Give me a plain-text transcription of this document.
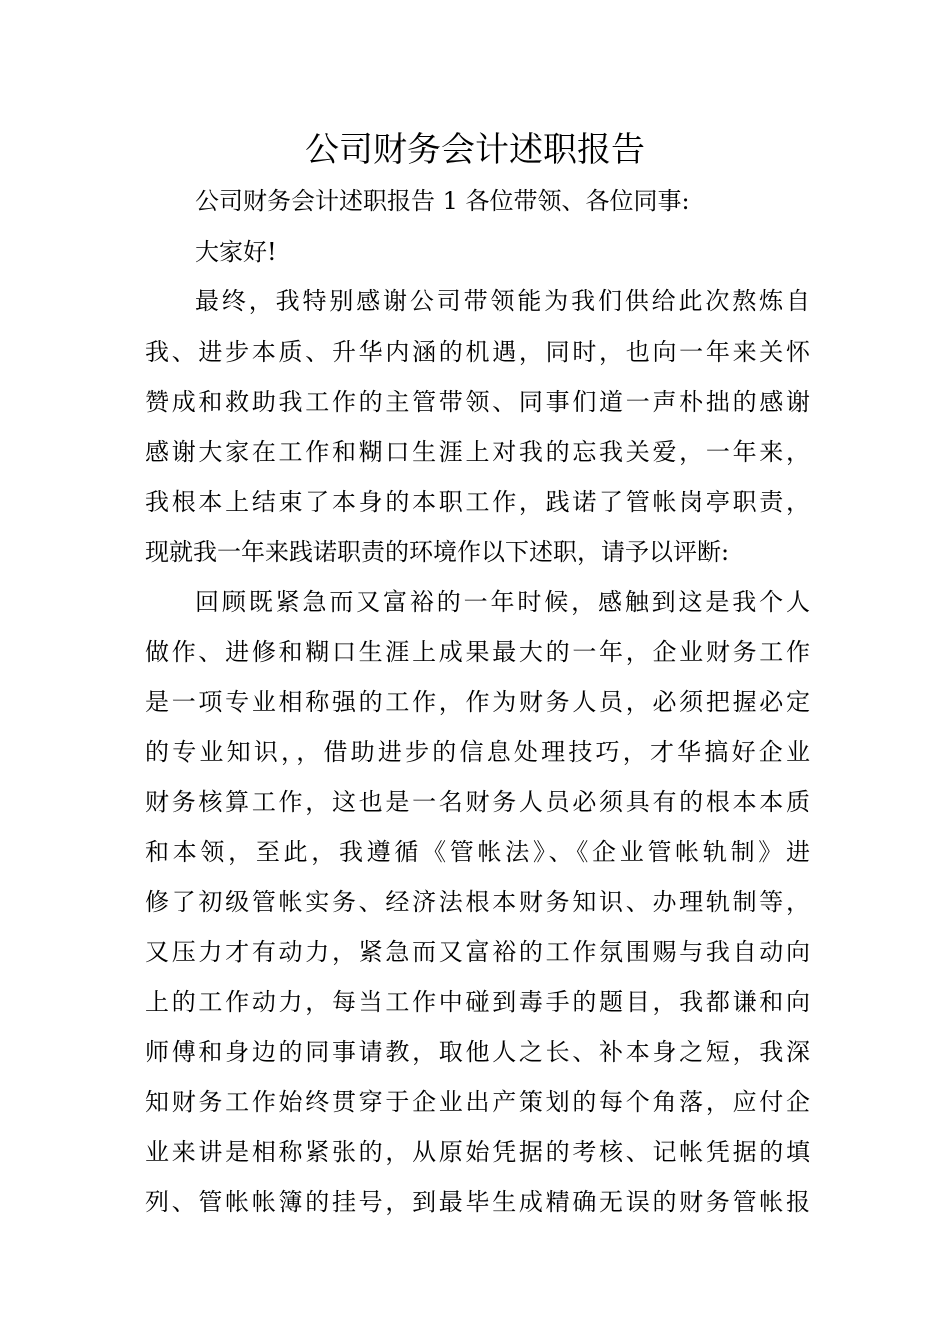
公司财务会计述职报告

公司财务会计述职报告 1 各位带领、各位同事:

大家好!

最终，我特别感谢公司带领能为我们供给此次熬炼自

我、进步本质、升华内涵的机遇，同时，也向一年来关怀

赞成和救助我工作的主管带领、同事们道一声朴拙的感谢

感谢大家在工作和糊口生涯上对我的忘我关爱，一年来，

我根本上结束了本身的本职工作，践诺了管帐岗亭职责，

现就我一年来践诺职责的环境作以下述职，请予以评断:

回顾既紧急而又富裕的一年时候，感触到这是我个人

做作、进修和糊口生涯上成果最大的一年，企业财务工作

是一项专业相称强的工作，作为财务人员，必须把握必定

的专业知识，，借助进步的信息处理技巧，才华搞好企业

财务核算工作，这也是一名财务人员必须具有的根本本质

和本领，至此，我遵循《管帐法》、《企业管帐轨制》进

修了初级管帐实务、经济法根本财务知识、办理轨制等，

又压力才有动力，紧急而又富裕的工作氛围赐与我自动向

上的工作动力，每当工作中碰到毒手的题目，我都谦和向

师傅和身边的同事请教，取他人之长、补本身之短，我深

知财务工作始终贯穿于企业出产策划的每个角落，应付企

业来讲是相称紧张的，从原始凭据的考核、记帐凭据的填

列、管帐帐簿的挂号，到最毕生成精确无误的财务管帐报
